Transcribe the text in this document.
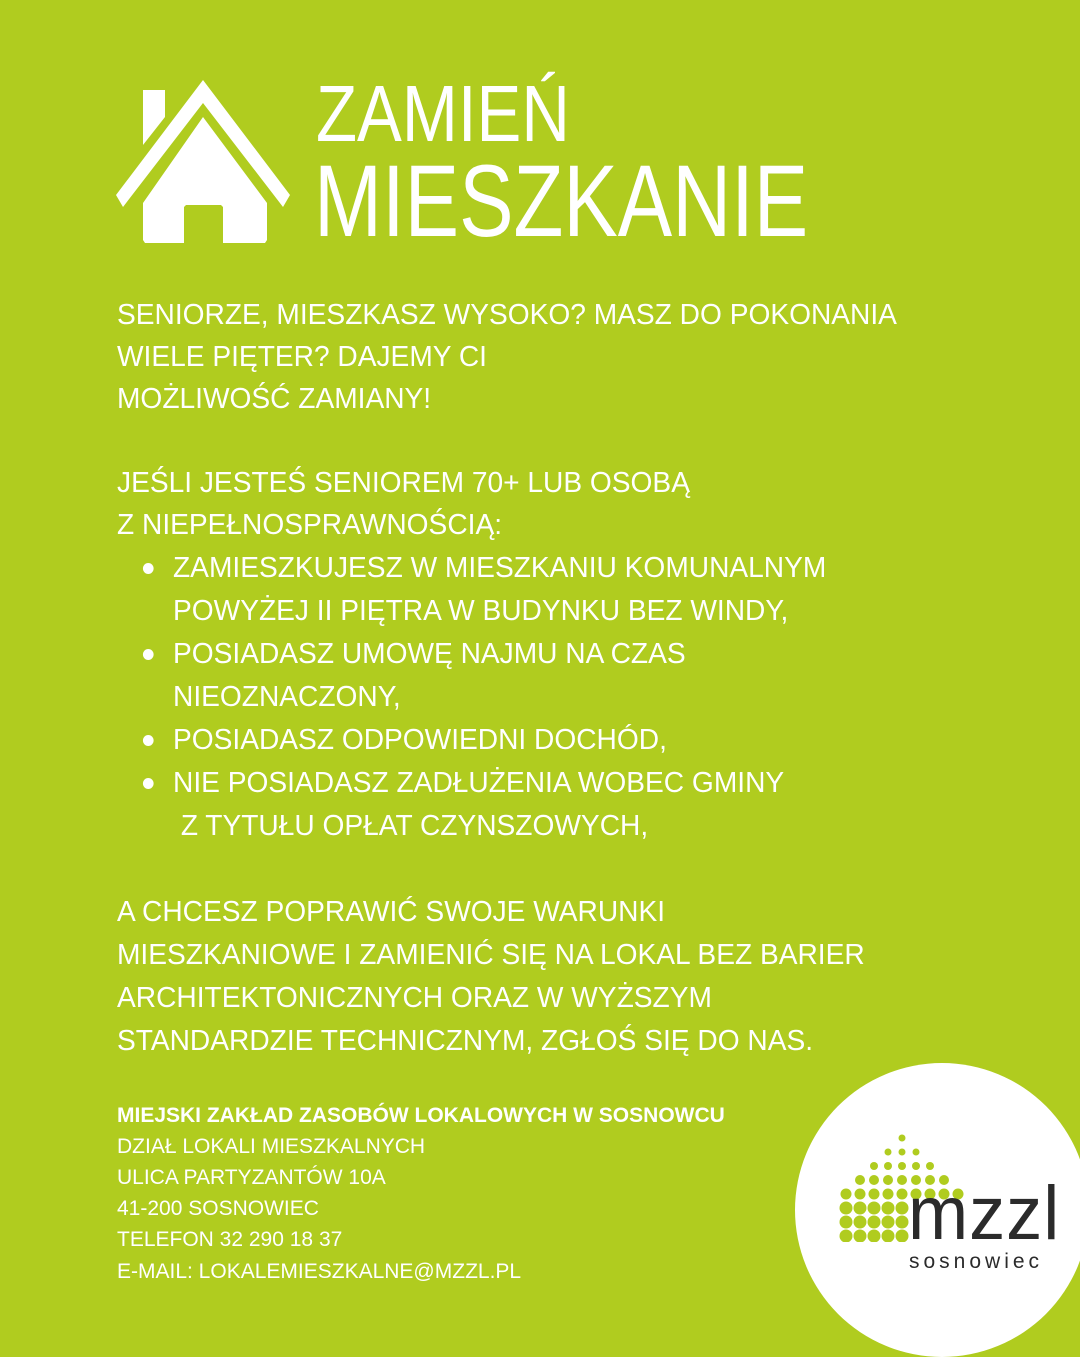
ZAMIEŃ
MIESZKANIE
SENIORZE, MIESZKASZ WYSOKO? MASZ DO POKONANIA
WIELE PIĘTER? DAJEMY CI
MOŻLIWOŚĆ ZAMIANY!
JEŚLI JESTEŚ SENIOREM 70+ LUB OSOBĄ
Z NIEPEŁNOSPRAWNOŚCIĄ:
ZAMIESZKUJESZ W MIESZKANIU KOMUNALNYM
POWYŻEJ II PIĘTRA W BUDYNKU BEZ WINDY,
POSIADASZ UMOWĘ NAJMU NA CZAS
NIEOZNACZONY,
POSIADASZ ODPOWIEDNI DOCHÓD,
NIE POSIADASZ ZADŁUŻENIA WOBEC GMINY
Z TYTUŁU OPŁAT CZYNSZOWYCH,
A CHCESZ POPRAWIĆ SWOJE WARUNKI
MIESZKANIOWE I ZAMIENIĆ SIĘ NA LOKAL BEZ BARIER
ARCHITEKTONICZNYCH ORAZ W WYŻSZYM
STANDARDZIE TECHNICZNYM, ZGŁOŚ SIĘ DO NAS.
MIEJSKI ZAKŁAD ZASOBÓW LOKALOWYCH W SOSNOWCU
DZIAŁ LOKALI MIESZKALNYCH
ULICA PARTYZANTÓW 10A
41-200 SOSNOWIEC
TELEFON 32 290 18 37
E-MAIL: LOKALEMIESZKALNE@MZZL.PL
mzzl
sosnowiec
